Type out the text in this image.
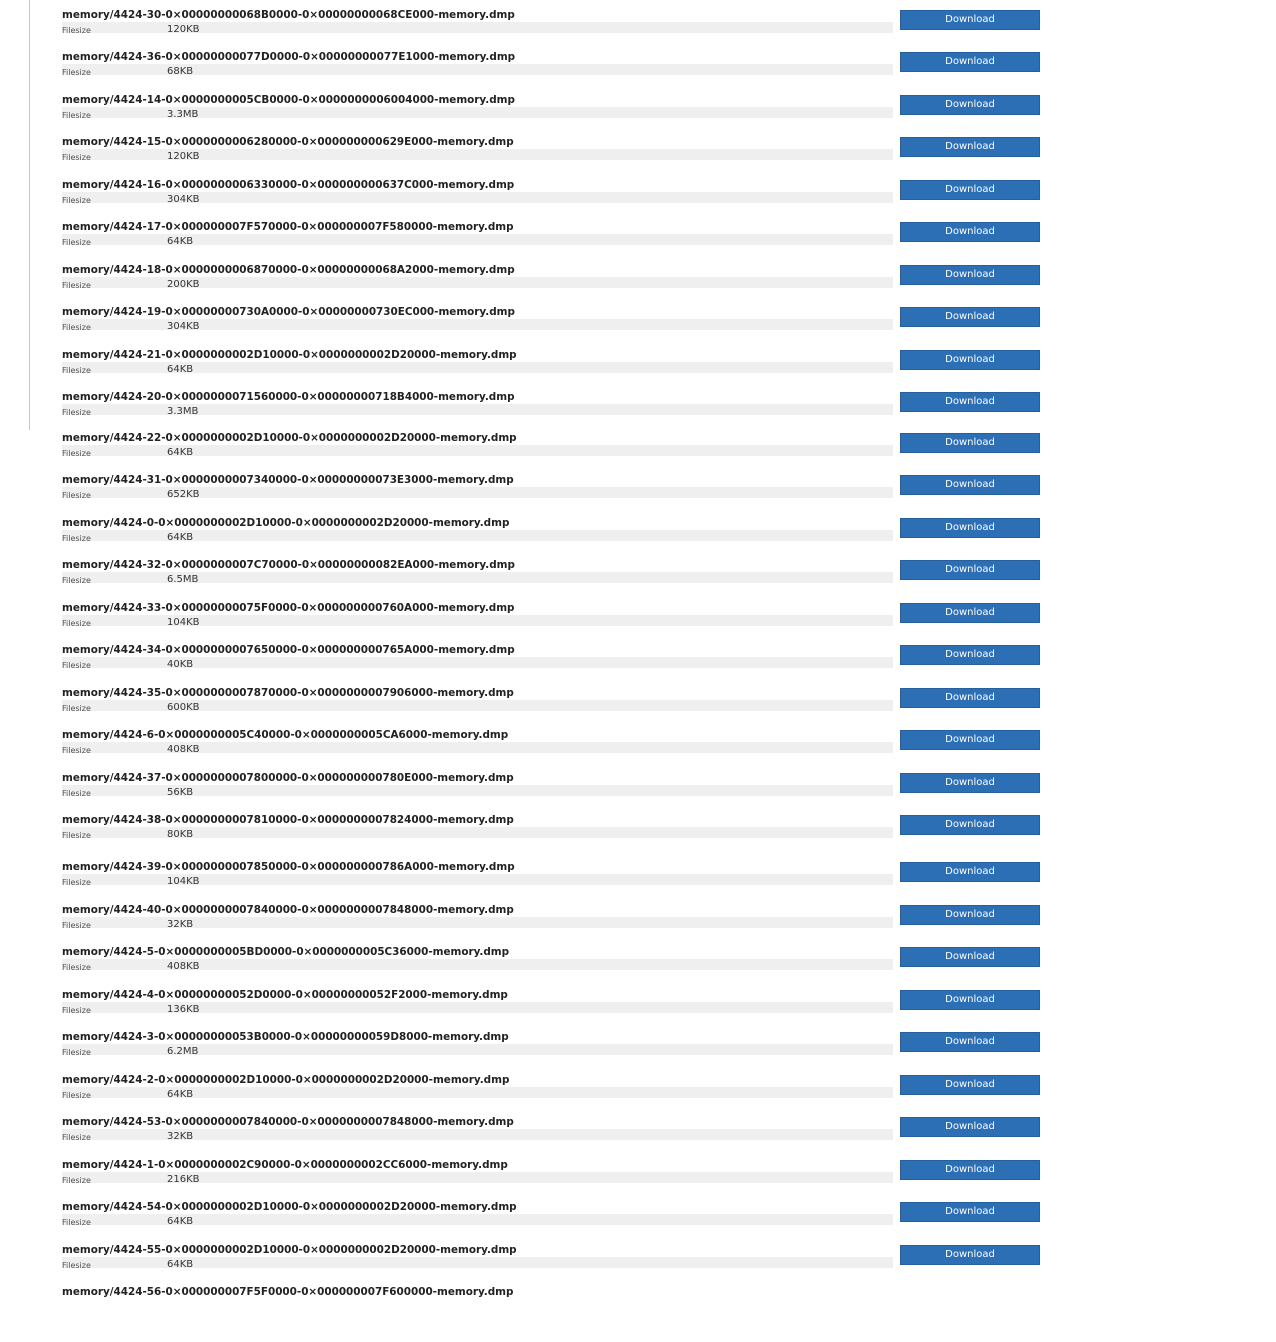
memory/4424-30-0×00000000068B0000-0×00000000068CE000-memory.dmp
Filesize	120KB
Download
memory/4424-36-0×00000000077D0000-0×00000000077E1000-memory.dmp
Filesize	68KB
Download
memory/4424-14-0×0000000005CB0000-0×0000000006004000-memory.dmp
Filesize	3.3MB
Download
memory/4424-15-0×0000000006280000-0×000000000629E000-memory.dmp
Filesize	120KB
Download
memory/4424-16-0×0000000006330000-0×000000000637C000-memory.dmp
Filesize	304KB
Download
memory/4424-17-0×000000007F570000-0×000000007F580000-memory.dmp
Filesize	64KB
Download
memory/4424-18-0×0000000006870000-0×00000000068A2000-memory.dmp
Filesize	200KB
Download
memory/4424-19-0×00000000730A0000-0×00000000730EC000-memory.dmp
Filesize	304KB
Download
memory/4424-21-0×0000000002D10000-0×0000000002D20000-memory.dmp
Filesize	64KB
Download
memory/4424-20-0×0000000071560000-0×00000000718B4000-memory.dmp
Filesize	3.3MB
Download
memory/4424-22-0×0000000002D10000-0×0000000002D20000-memory.dmp
Filesize	64KB
Download
memory/4424-31-0×0000000007340000-0×00000000073E3000-memory.dmp
Filesize	652KB
Download
memory/4424-0-0×0000000002D10000-0×0000000002D20000-memory.dmp
Filesize	64KB
Download
memory/4424-32-0×0000000007C70000-0×00000000082EA000-memory.dmp
Filesize	6.5MB
Download
memory/4424-33-0×00000000075F0000-0×000000000760A000-memory.dmp
Filesize	104KB
Download
memory/4424-34-0×0000000007650000-0×000000000765A000-memory.dmp
Filesize	40KB
Download
memory/4424-35-0×0000000007870000-0×0000000007906000-memory.dmp
Filesize	600KB
Download
memory/4424-6-0×0000000005C40000-0×0000000005CA6000-memory.dmp
Filesize	408KB
Download
memory/4424-37-0×0000000007800000-0×000000000780E000-memory.dmp
Filesize	56KB
Download
memory/4424-38-0×0000000007810000-0×0000000007824000-memory.dmp
Filesize	80KB
Download
memory/4424-39-0×0000000007850000-0×000000000786A000-memory.dmp
Filesize	104KB
Download
memory/4424-40-0×0000000007840000-0×0000000007848000-memory.dmp
Filesize	32KB
Download
memory/4424-5-0×0000000005BD0000-0×0000000005C36000-memory.dmp
Filesize	408KB
Download
memory/4424-4-0×00000000052D0000-0×00000000052F2000-memory.dmp
Filesize	136KB
Download
memory/4424-3-0×00000000053B0000-0×00000000059D8000-memory.dmp
Filesize	6.2MB
Download
memory/4424-2-0×0000000002D10000-0×0000000002D20000-memory.dmp
Filesize	64KB
Download
memory/4424-53-0×0000000007840000-0×0000000007848000-memory.dmp
Filesize	32KB
Download
memory/4424-1-0×0000000002C90000-0×0000000002CC6000-memory.dmp
Filesize	216KB
Download
memory/4424-54-0×0000000002D10000-0×0000000002D20000-memory.dmp
Filesize	64KB
Download
memory/4424-55-0×0000000002D10000-0×0000000002D20000-memory.dmp
Filesize	64KB
Download
memory/4424-56-0×000000007F5F0000-0×000000007F600000-memory.dmp
